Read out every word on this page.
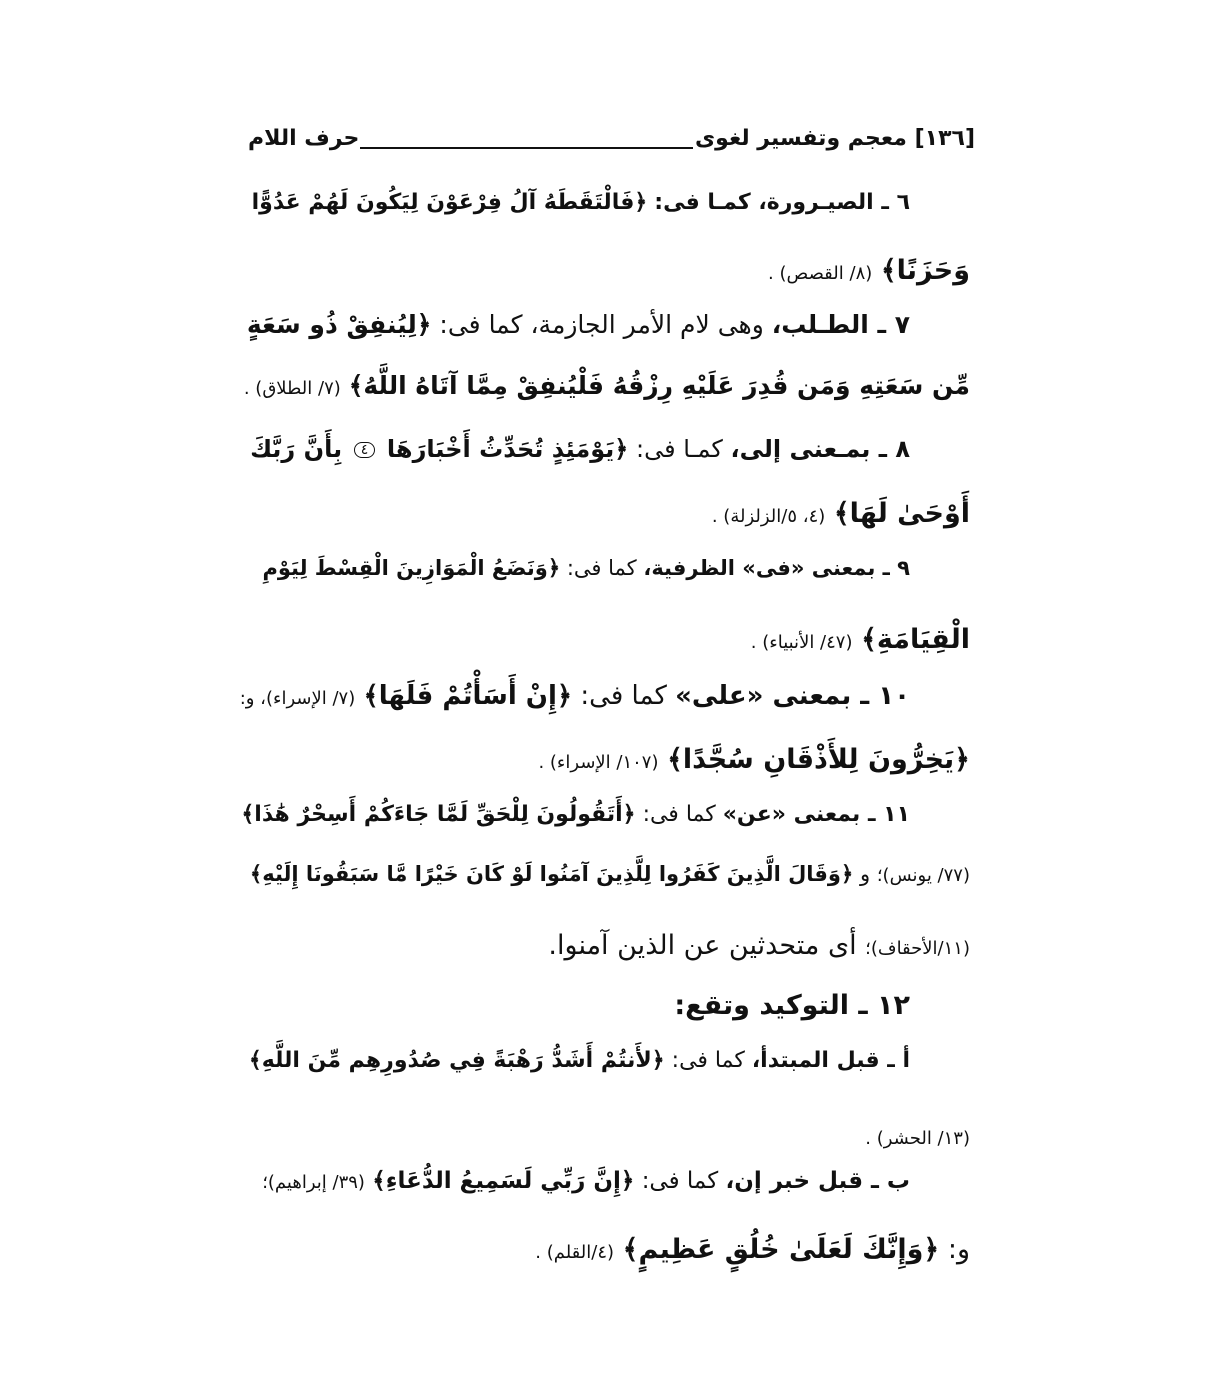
[١٣٦] معجم وتفسير لغوى
حرف اللام
٦ ـ الصيـرورة، كمـا فى: ﴿فَالْتَقَطَهُ آلُ فِرْعَوْنَ لِيَكُونَ لَهُمْ عَدُوًّا
وَحَزَنًا﴾ (٨/ القصص) .
٧ ـ الطـلب، وهى لام الأمر الجازمة، كما فى: ﴿لِيُنفِقْ ذُو سَعَةٍ
مِّن سَعَتِهِ وَمَن قُدِرَ عَلَيْهِ رِزْقُهُ فَلْيُنفِقْ مِمَّا آتَاهُ اللَّهُ﴾ (٧/ الطلاق) .
٨ ـ بمـعنى إلى، كمـا فى: ﴿يَوْمَئِذٍ تُحَدِّثُ أَخْبَارَهَا ٤ بِأَنَّ رَبَّكَ
أَوْحَىٰ لَهَا﴾ (٤، ٥/الزلزلة) .
٩ ـ بمعنى «فى» الظرفية، كما فى: ﴿وَنَضَعُ الْمَوَازِينَ الْقِسْطَ لِيَوْمِ
الْقِيَامَةِ﴾ (٤٧/ الأنبياء) .
١٠ ـ بمعنى «على» كما فى: ﴿إِنْ أَسَأْتُمْ فَلَهَا﴾ (٧/ الإسراء)، و:
﴿يَخِرُّونَ لِلأَذْقَانِ سُجَّدًا﴾ (١٠٧/ الإسراء) .
١١ ـ بمعنى «عن» كما فى: ﴿أَتَقُولُونَ لِلْحَقِّ لَمَّا جَاءَكُمْ أَسِحْرٌ هَٰذَا﴾
(٧٧/ يونس)؛ و ﴿وَقَالَ الَّذِينَ كَفَرُوا لِلَّذِينَ آمَنُوا لَوْ كَانَ خَيْرًا مَّا سَبَقُونَا إِلَيْهِ﴾
(١١/الأحقاف)؛ أى متحدثين عن الذين آمنوا.
١٢ ـ التوكيد وتقع:
أ ـ قبل المبتدأ، كما فى: ﴿لأَنتُمْ أَشَدُّ رَهْبَةً فِي صُدُورِهِم مِّنَ اللَّهِ﴾
(١٣/ الحشر) .
ب ـ قبل خبر إن، كما فى: ﴿إِنَّ رَبِّي لَسَمِيعُ الدُّعَاءِ﴾ (٣٩/ إبراهيم)؛
و: ﴿وَإِنَّكَ لَعَلَىٰ خُلُقٍ عَظِيمٍ﴾ (٤/القلم) .
